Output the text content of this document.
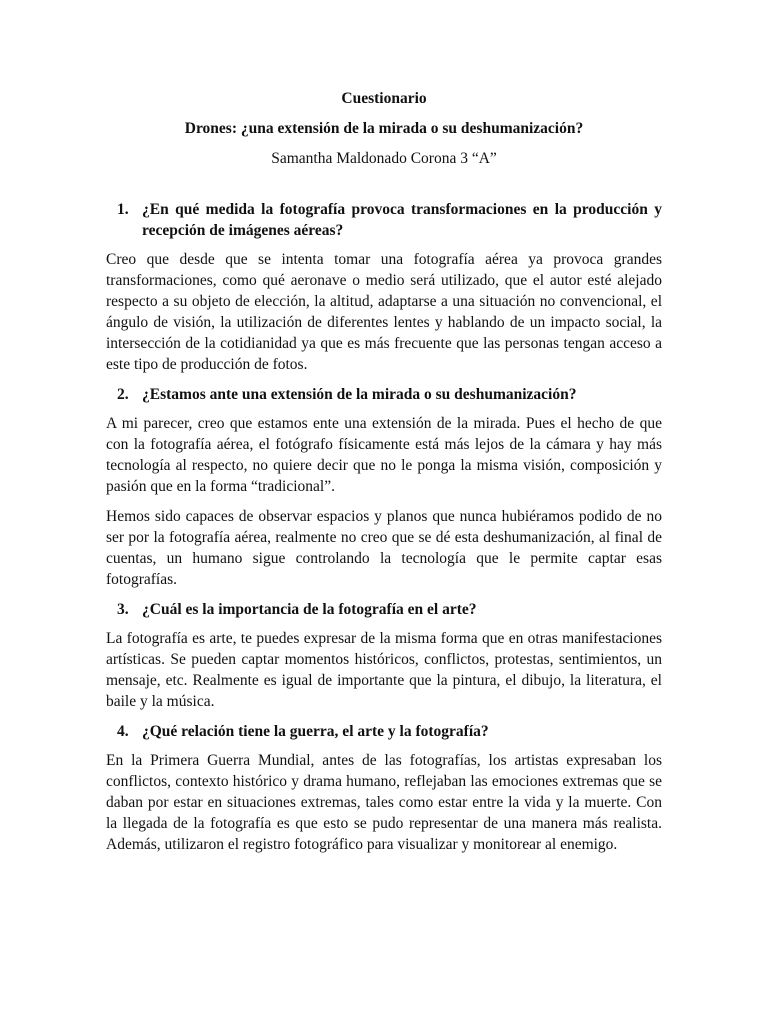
Cuestionario
Drones: ¿una extensión de la mirada o su deshumanización?
Samantha Maldonado Corona 3 “A”
1. ¿En qué medida la fotografía provoca transformaciones en la producción y recepción de imágenes aéreas?

Creo que desde que se intenta tomar una fotografía aérea ya provoca grandes transformaciones, como qué aeronave o medio será utilizado, que el autor esté alejado respecto a su objeto de elección, la altitud, adaptarse a una situación no convencional, el ángulo de visión, la utilización de diferentes lentes y hablando de un impacto social, la intersección de la cotidianidad ya que es más frecuente que las personas tengan acceso a este tipo de producción de fotos.

2. ¿Estamos ante una extensión de la mirada o su deshumanización?

A mi parecer, creo que estamos ente una extensión de la mirada. Pues el hecho de que con la fotografía aérea, el fotógrafo físicamente está más lejos de la cámara y hay más tecnología al respecto, no quiere decir que no le ponga la misma visión, composición y pasión que en la forma “tradicional”.

Hemos sido capaces de observar espacios y planos que nunca hubiéramos podido de no ser por la fotografía aérea, realmente no creo que se dé esta deshumanización, al final de cuentas, un humano sigue controlando la tecnología que le permite captar esas fotografías.

3. ¿Cuál es la importancia de la fotografía en el arte?

La fotografía es arte, te puedes expresar de la misma forma que en otras manifestaciones artísticas. Se pueden captar momentos históricos, conflictos, protestas, sentimientos, un mensaje, etc. Realmente es igual de importante que la pintura, el dibujo, la literatura, el baile y la música.

4. ¿Qué relación tiene la guerra, el arte y la fotografía?

En la Primera Guerra Mundial, antes de las fotografías, los artistas expresaban los conflictos, contexto histórico y drama humano, reflejaban las emociones extremas que se daban por estar en situaciones extremas, tales como estar entre la vida y la muerte. Con la llegada de la fotografía es que esto se pudo representar de una manera más realista. Además, utilizaron el registro fotográfico para visualizar y monitorear al enemigo.
